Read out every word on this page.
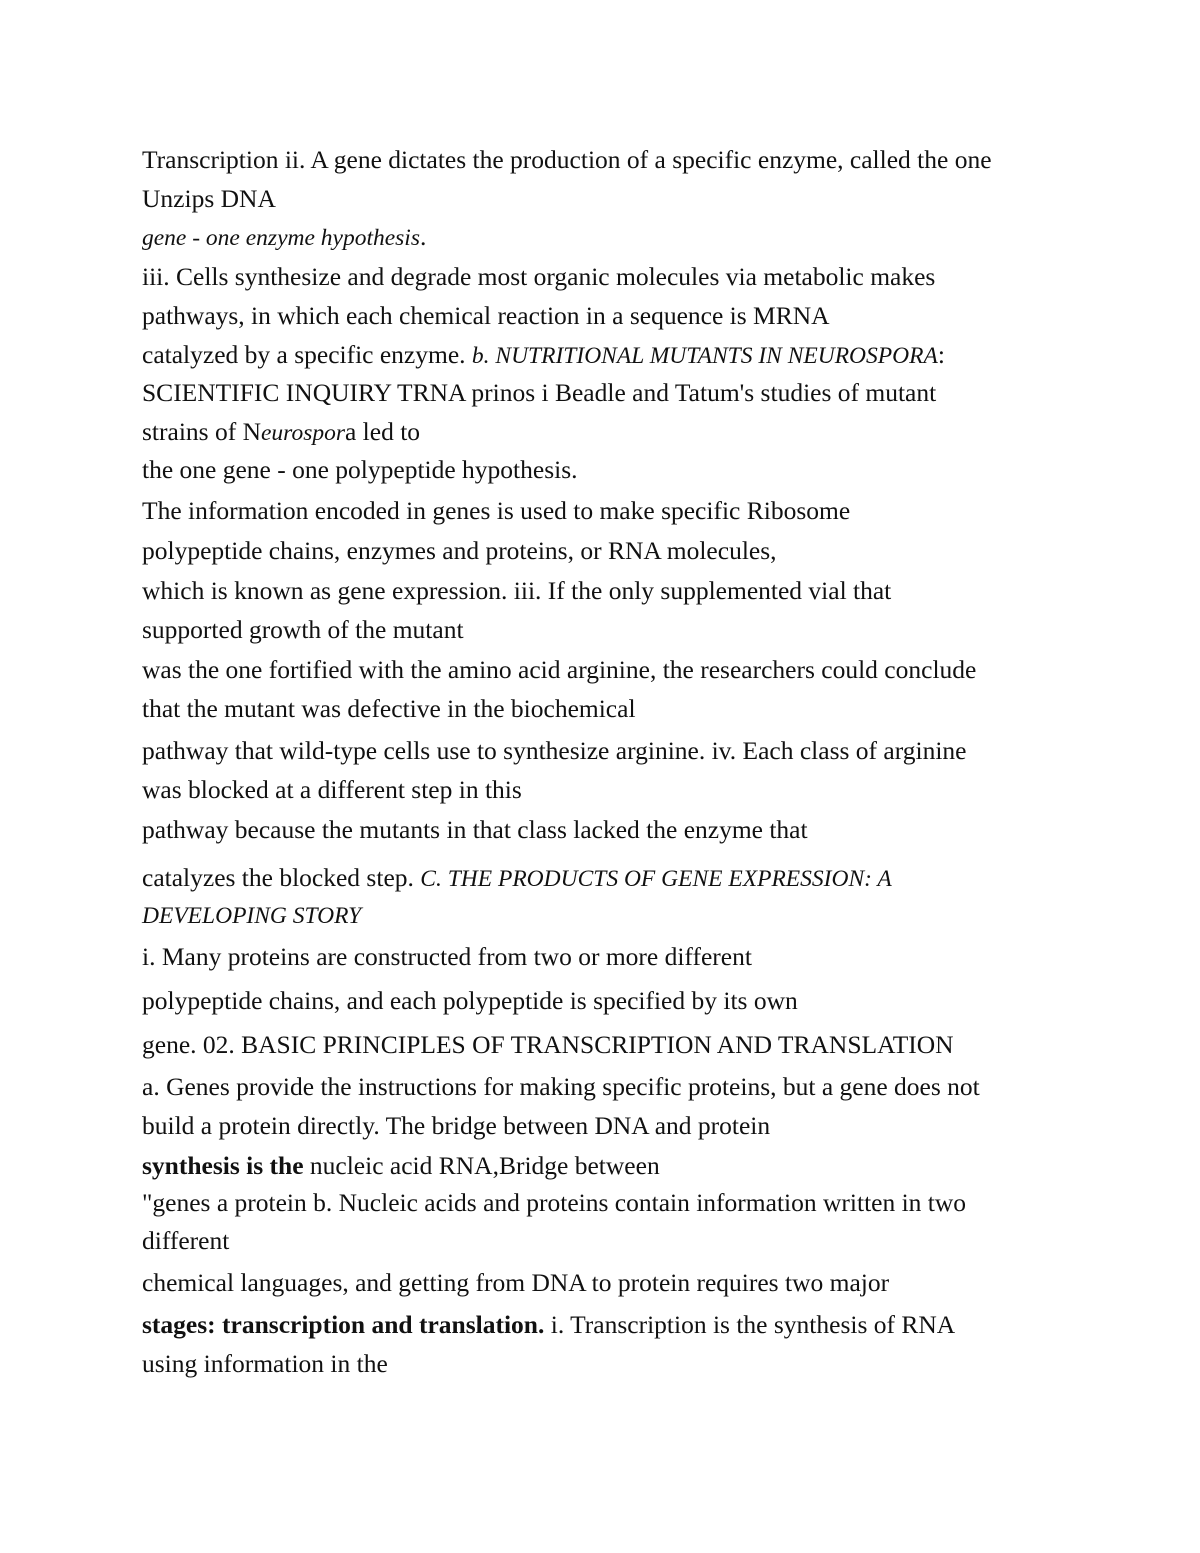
Transcription ii. A gene dictates the production of a specific enzyme, called the one
Unzips DNA
gene - one enzyme hypothesis.
iii. Cells synthesize and degrade most organic molecules via metabolic makes
pathways, in which each chemical reaction in a sequence is MRNA
catalyzed by a specific enzyme. b. NUTRITIONAL MUTANTS IN NEUROSPORA:
SCIENTIFIC INQUIRY TRNA prinos i Beadle and Tatum's studies of mutant
strains of Neurospora led to
the one gene - one polypeptide hypothesis.
The information encoded in genes is used to make specific Ribosome
polypeptide chains, enzymes and proteins, or RNA molecules,
which is known as gene expression. iii. If the only supplemented vial that
supported growth of the mutant
was the one fortified with the amino acid arginine, the researchers could conclude
that the mutant was defective in the biochemical
pathway that wild-type cells use to synthesize arginine. iv. Each class of arginine
was blocked at a different step in this
pathway because the mutants in that class lacked the enzyme that
catalyzes the blocked step. C. THE PRODUCTS OF GENE EXPRESSION: A
DEVELOPING STORY
i. Many proteins are constructed from two or more different
polypeptide chains, and each polypeptide is specified by its own
gene. 02. BASIC PRINCIPLES OF TRANSCRIPTION AND TRANSLATION
a. Genes provide the instructions for making specific proteins, but a gene does not
build a protein directly. The bridge between DNA and protein
synthesis is the nucleic acid RNA,Bridge between
"genes a protein b. Nucleic acids and proteins contain information written in two
different
chemical languages, and getting from DNA to protein requires two major
stages: transcription and translation. i. Transcription is the synthesis of RNA
using information in the
